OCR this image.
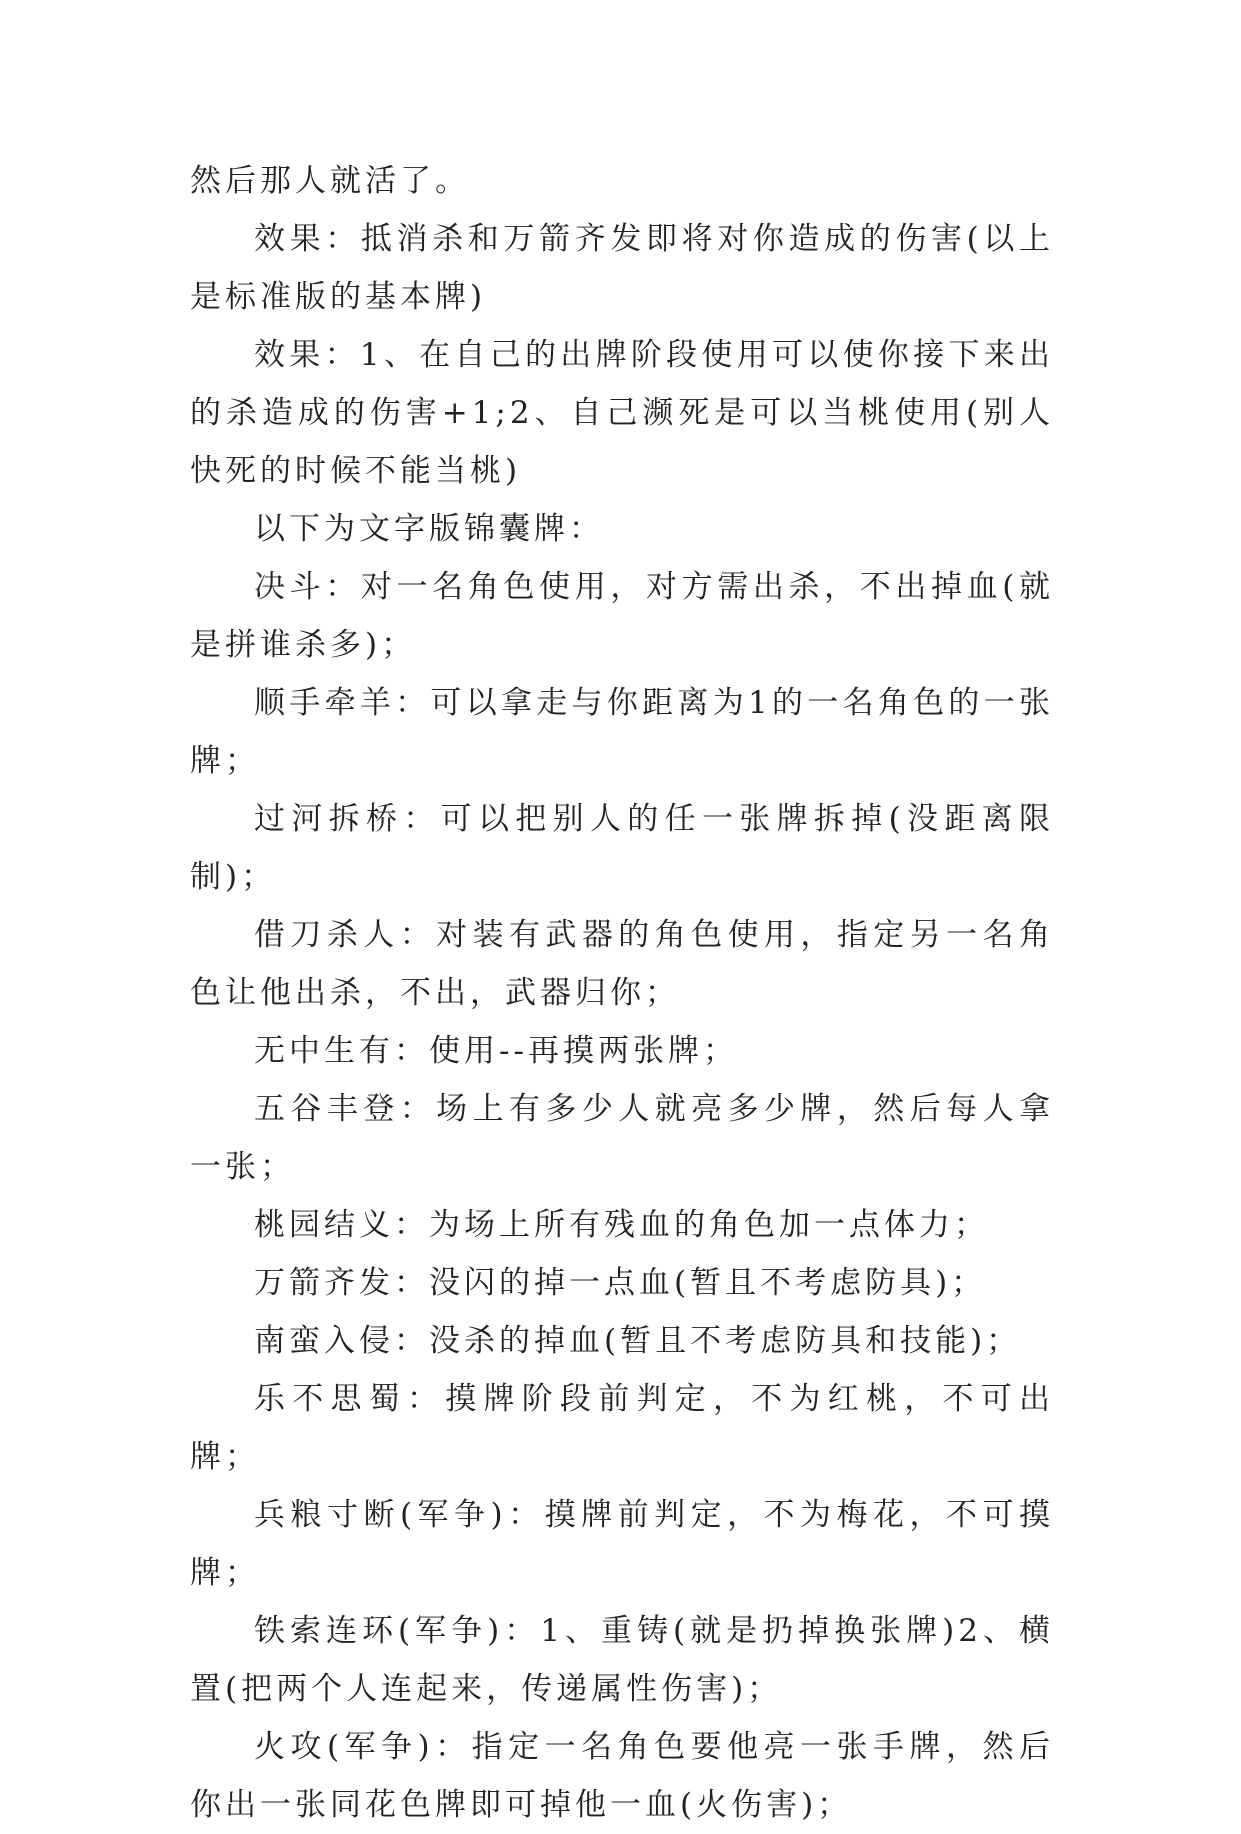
然后那人就活了。

效果：抵消杀和万箭齐发即将对你造成的伤害(以上是标准版的基本牌)

效果：1、在自己的出牌阶段使用可以使你接下来出的杀造成的伤害+1;2、自己濒死是可以当桃使用(别人快死的时候不能当桃)

以下为文字版锦囊牌：

决斗：对一名角色使用，对方需出杀，不出掉血(就是拼谁杀多)；

顺手牵羊：可以拿走与你距离为1的一名角色的一张牌；

过河拆桥：可以把别人的任一张牌拆掉(没距离限制)；

借刀杀人：对装有武器的角色使用，指定另一名角色让他出杀，不出，武器归你；

无中生有：使用--再摸两张牌；

五谷丰登：场上有多少人就亮多少牌，然后每人拿一张；

桃园结义：为场上所有残血的角色加一点体力；

万箭齐发：没闪的掉一点血(暂且不考虑防具)；

南蛮入侵：没杀的掉血(暂且不考虑防具和技能)；

乐不思蜀：摸牌阶段前判定，不为红桃，不可出牌；

兵粮寸断(军争)：摸牌前判定，不为梅花，不可摸牌；

铁索连环(军争)：1、重铸(就是扔掉换张牌)2、横置(把两个人连起来，传递属性伤害)；

火攻(军争)：指定一名角色要他亮一张手牌，然后你出一张同花色牌即可掉他一血(火伤害)；
